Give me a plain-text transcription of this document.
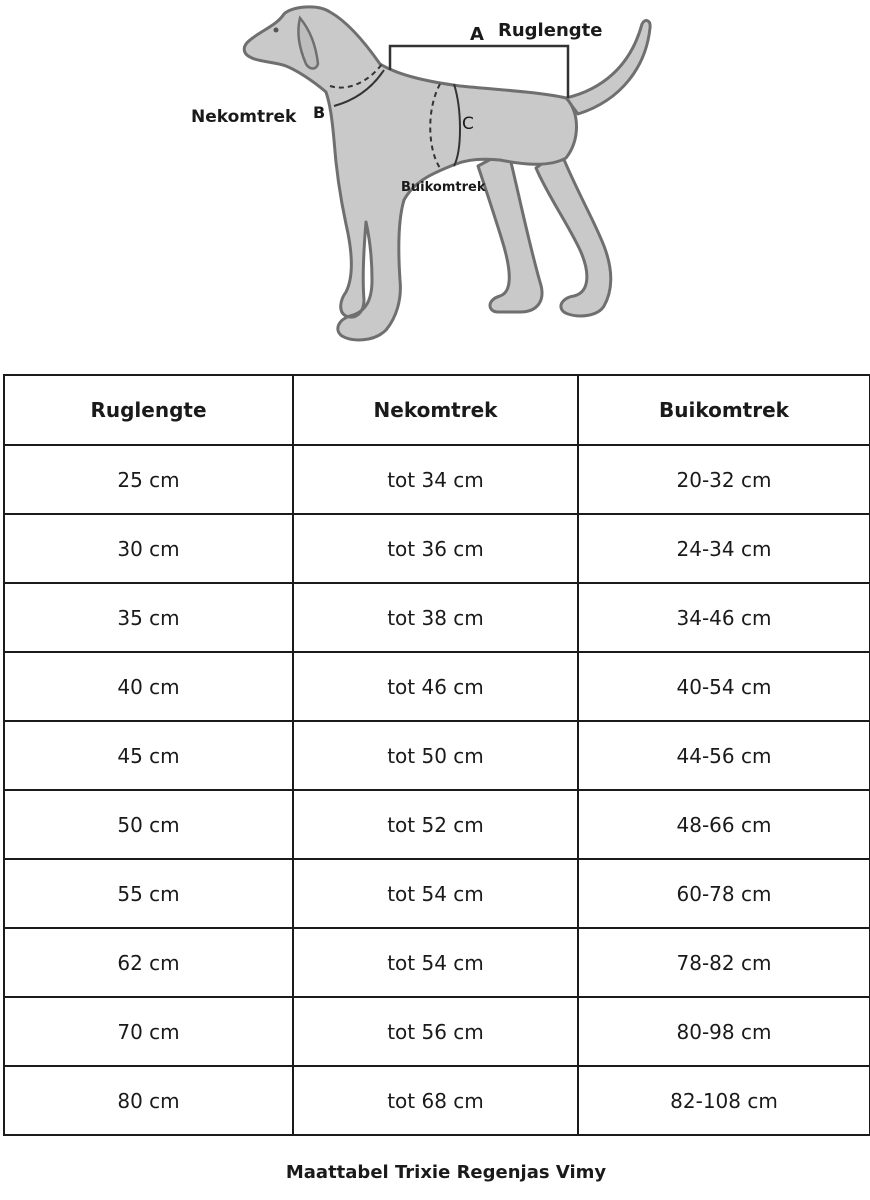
A Ruglengte
Nekomtrek B
C
Buikomtrek
Ruglengte	Nekomtrek	Buikomtrek
25 cm	tot 34 cm	20-32 cm
30 cm	tot 36 cm	24-34 cm
35 cm	tot 38 cm	34-46 cm
40 cm	tot 46 cm	40-54 cm
45 cm	tot 50 cm	44-56 cm
50 cm	tot 52 cm	48-66 cm
55 cm	tot 54 cm	60-78 cm
62 cm	tot 54 cm	78-82 cm
70 cm	tot 56 cm	80-98 cm
80 cm	tot 68 cm	82-108 cm
Maattabel Trixie Regenjas Vimy
